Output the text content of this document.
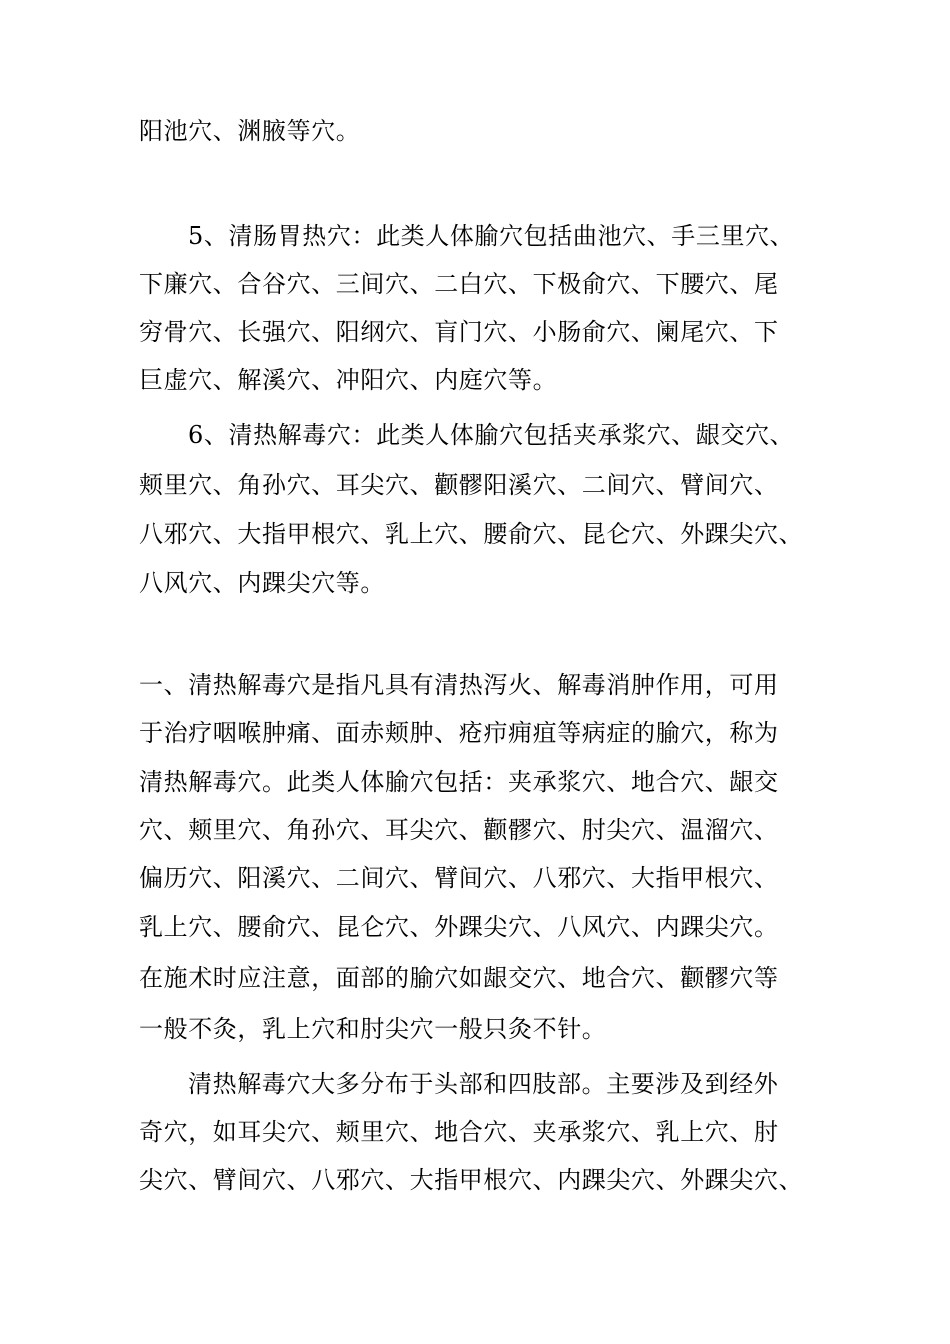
阳池穴、渊腋等穴。
5、清肠胃热穴：此类人体腧穴包括曲池穴、手三里穴、
下廉穴、合谷穴、三间穴、二白穴、下极俞穴、下腰穴、尾
穷骨穴、长强穴、阳纲穴、肓门穴、小肠俞穴、阑尾穴、下
巨虚穴、解溪穴、冲阳穴、内庭穴等。
6、清热解毒穴：此类人体腧穴包括夹承浆穴、龈交穴、
颊里穴、角孙穴、耳尖穴、颧髎阳溪穴、二间穴、臂间穴、
八邪穴、大指甲根穴、乳上穴、腰俞穴、昆仑穴、外踝尖穴、
八风穴、内踝尖穴等。
一、清热解毒穴是指凡具有清热泻火、解毒消肿作用，可用
于治疗咽喉肿痛、面赤颊肿、疮疖痈疽等病症的腧穴，称为
清热解毒穴。此类人体腧穴包括：夹承浆穴、地合穴、龈交
穴、颊里穴、角孙穴、耳尖穴、颧髎穴、肘尖穴、温溜穴、
偏历穴、阳溪穴、二间穴、臂间穴、八邪穴、大指甲根穴、
乳上穴、腰俞穴、昆仑穴、外踝尖穴、八风穴、内踝尖穴。
在施术时应注意，面部的腧穴如龈交穴、地合穴、颧髎穴等
一般不灸，乳上穴和肘尖穴一般只灸不针。
清热解毒穴大多分布于头部和四肢部。主要涉及到经外
奇穴，如耳尖穴、颊里穴、地合穴、夹承浆穴、乳上穴、肘
尖穴、臂间穴、八邪穴、大指甲根穴、内踝尖穴、外踝尖穴、
